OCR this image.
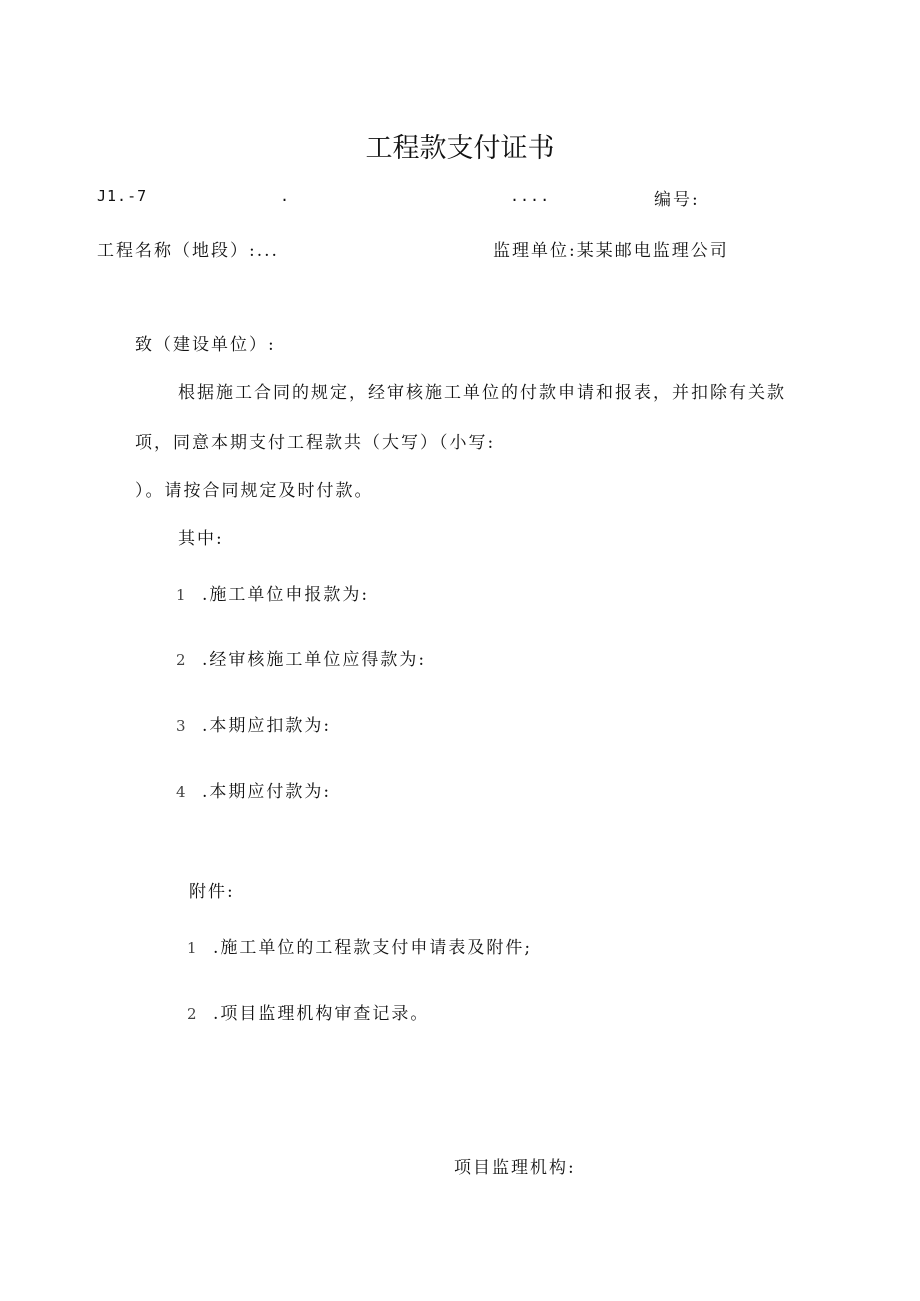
工程款支付证书
J1.-7	.	....	编号:
工程名称（地段）:...	监理单位:某某邮电监理公司
致（建设单位）:
根据施工合同的规定，经审核施工单位的付款申请和报表，并扣除有关款
项，同意本期支付工程款共（大写）（小写:
）。请按合同规定及时付款。
其中:
1 .施工单位申报款为:
2 .经审核施工单位应得款为:
3 .本期应扣款为:
4 .本期应付款为:
附件:
1 .施工单位的工程款支付申请表及附件;
2 .项目监理机构审查记录。
项目监理机构:
